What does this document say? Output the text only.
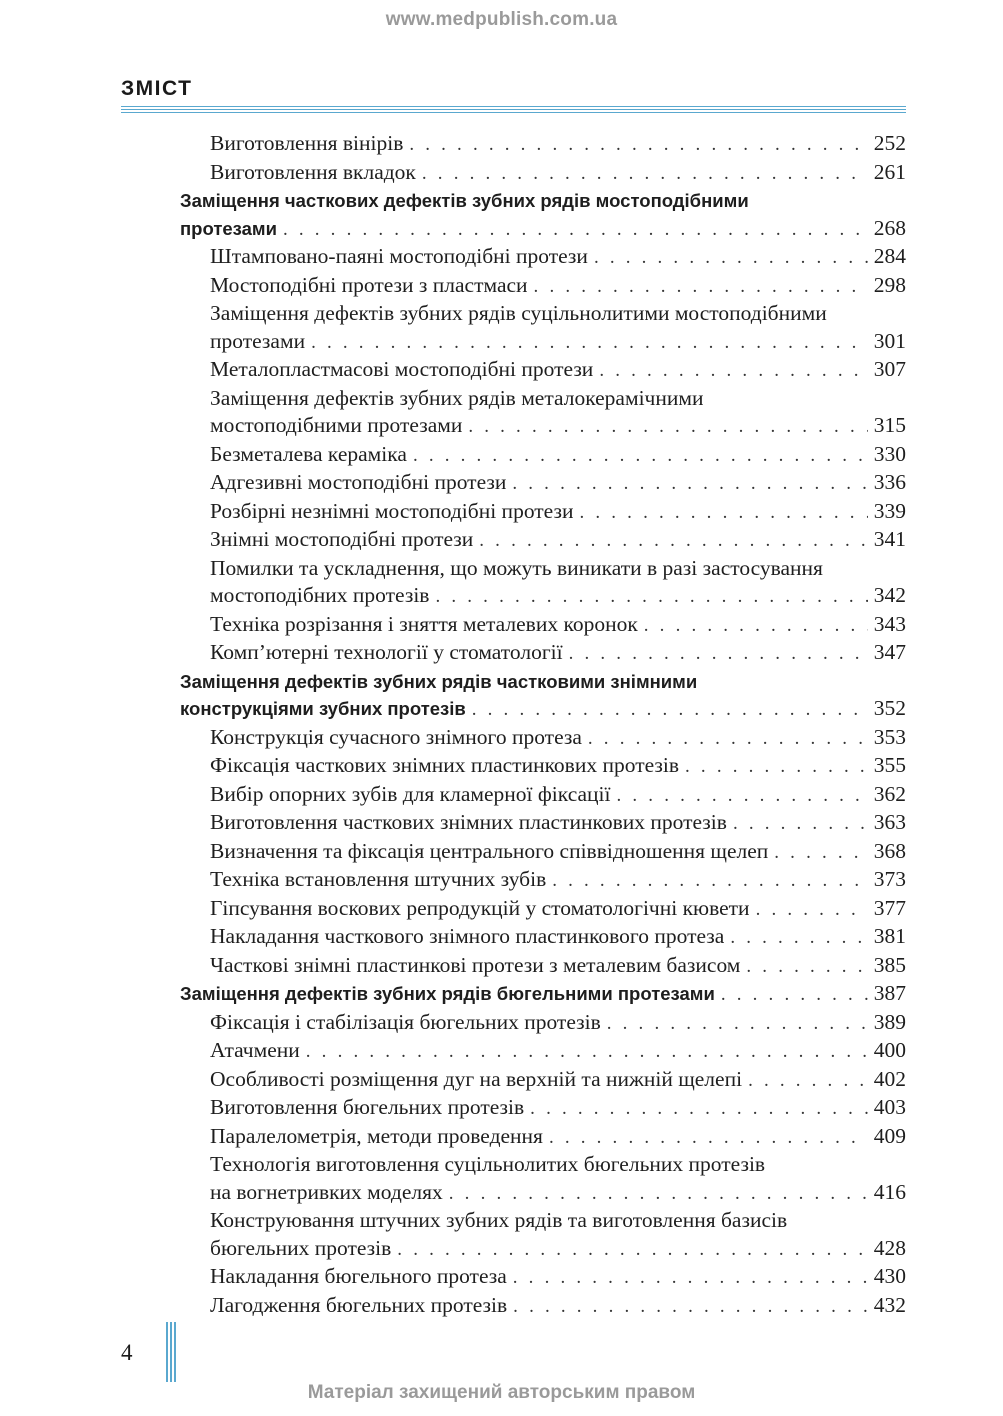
www.medpublish.com.ua
ЗМІСТ
Виготовлення вінірів . . .	252
Виготовлення вкладок . . .	261
Заміщення часткових дефектів зубних рядів мостоподібними
протезами . . .	268
Штамповано-паяні мостоподібні протези . . .	284
Мостоподібні протези з пластмаси . . .	298
Заміщення дефектів зубних рядів суцільнолитими мостоподібними
протезами . . .	301
Металопластмасові мостоподібні протези . . .	307
Заміщення дефектів зубних рядів металокерамічними
мостоподібними протезами . . .	315
Безметалева кераміка . . .	330
Адгезивні мостоподібні протези . . .	336
Розбірні незнімні мостоподібні протези . . .	339
Знімні мостоподібні протези . . .	341
Помилки та ускладнення, що можуть виникати в разі застосування
мостоподібних протезів . . .	342
Техніка розрізання і зняття металевих коронок . . .	343
Комп’ютерні технології у стоматології . . .	347
Заміщення дефектів зубних рядів частковими знімними
конструкціями зубних протезів . . .	352
Конструкція сучасного знімного протеза . . .	353
Фіксація часткових знімних пластинкових протезів . . .	355
Вибір опорних зубів для кламерної фіксації . . .	362
Виготовлення часткових знімних пластинкових протезів . . .	363
Визначення та фіксація центрального співвідношення щелеп . . .	368
Техніка встановлення штучних зубів . . .	373
Гіпсування воскових репродукцій у стоматологічні кювети . . .	377
Накладання часткового знімного пластинкового протеза . . .	381
Часткові знімні пластинкові протези з металевим базисом . . .	385
Заміщення дефектів зубних рядів бюгельними протезами . . .	387
Фіксація і стабілізація бюгельних протезів . . .	389
Атачмени . . .	400
Особливості розміщення дуг на верхній та нижній щелепі . . .	402
Виготовлення бюгельних протезів . . .	403
Паралелометрія, методи проведення . . .	409
Технологія виготовлення суцільнолитих бюгельних протезів
на вогнетривких моделях . . .	416
Конструювання штучних зубних рядів та виготовлення базисів
бюгельних протезів . . .	428
Накладання бюгельного протеза . . .	430
Лагодження бюгельних протезів . . .	432
4
Матеріал захищений авторським правом
